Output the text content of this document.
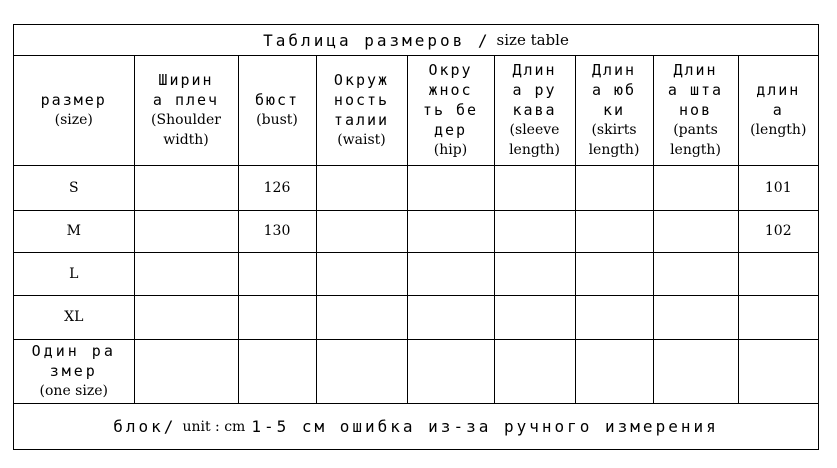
Таблица размеров / size table
размер
(size)	Ширин
а плеч
(Shoulder
width)	бюст
(bust)	Окруж
ность
талии
(waist)	Окру
жнос
ть бе
дер
(hip)	Длин
а ру
кава
(sleeve
length)	Длин
а юб
ки
(skirts
length)	Длин
а шта
нов
(pants
length)	длин
а
(length)

S		126						101

M		130						102

L								

XL								

Один ра
змер
(one size)								

блок/ unit : cm 1-5 см ошибка из-за ручного измерения
